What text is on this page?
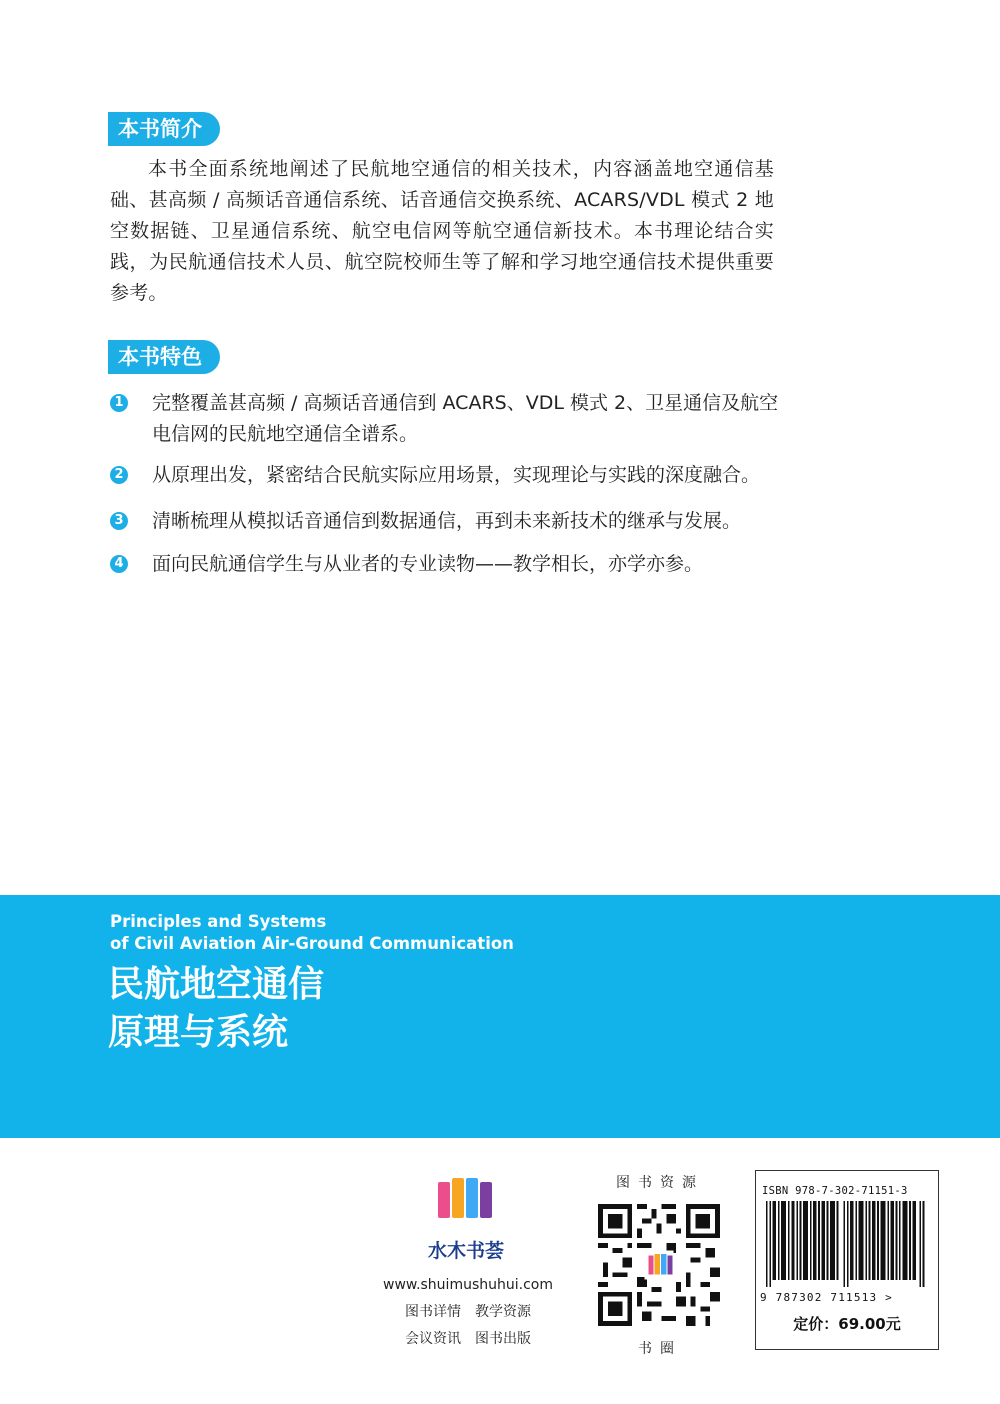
本书简介
本书全面系统地阐述了民航地空通信的相关技术，内容涵盖地空通信基础、甚高频 / 高频话音通信系统、话音通信交换系统、ACARS/VDL 模式 2 地空数据链、卫星通信系统、航空电信网等航空通信新技术。本书理论结合实践，为民航通信技术人员、航空院校师生等了解和学习地空通信技术提供重要参考。
本书特色
1 完整覆盖甚高频 / 高频话音通信到 ACARS、VDL 模式 2、卫星通信及航空电信网的民航地空通信全谱系。
2 从原理出发，紧密结合民航实际应用场景，实现理论与实践的深度融合。
3 清晰梳理从模拟话音通信到数据通信，再到未来新技术的继承与发展。
4 面向民航通信学生与从业者的专业读物——教学相长，亦学亦参。
Principles and Systems
of Civil Aviation Air-Ground Communication
民航地空通信
原理与系统
水木书荟
www.shuimushuhui.com
图书详情　教学资源
会议资讯　图书出版
图书资源
书圈
ISBN 978-7-302-71151-3
9 787302 711513 >
定价：69.00元
